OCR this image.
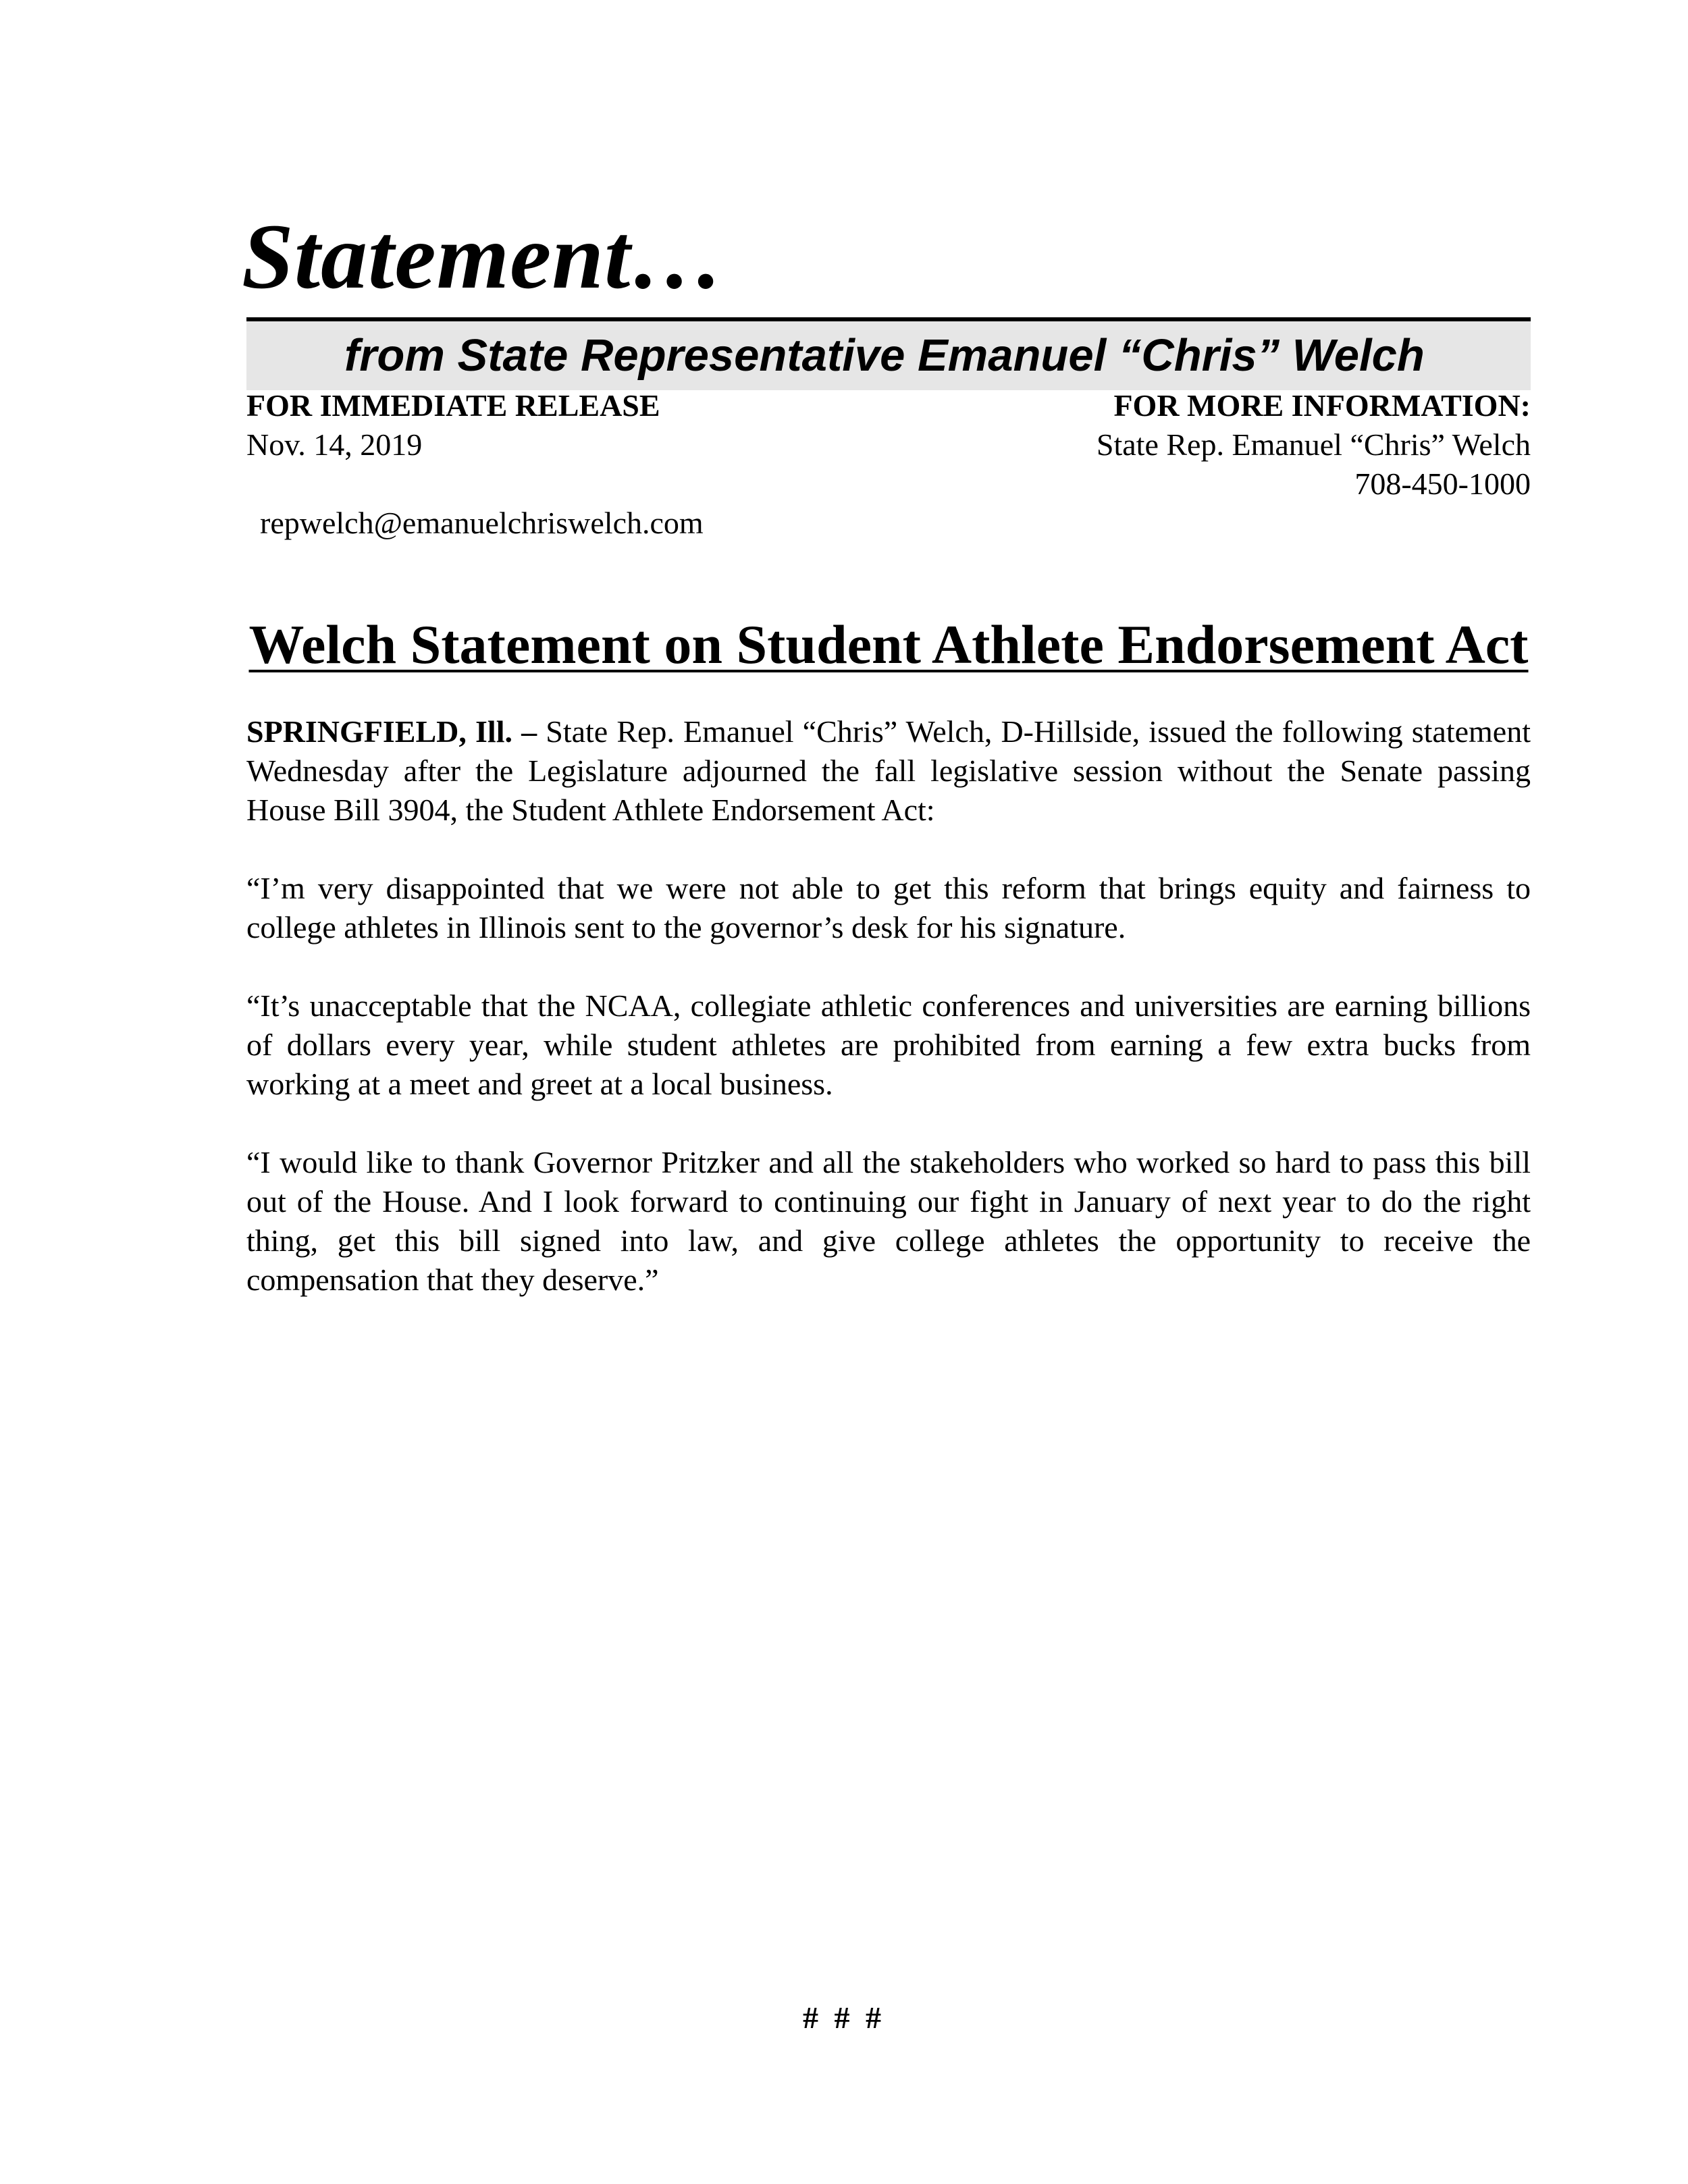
Statement…
from State Representative Emanuel “Chris” Welch
FOR IMMEDIATE RELEASE
Nov. 14, 2019
repwelch@emanuelchriswelch.com
FOR MORE INFORMATION:
State Rep. Emanuel “Chris” Welch
708-450-1000
Welch Statement on Student Athlete Endorsement Act
SPRINGFIELD, Ill. – State Rep. Emanuel “Chris” Welch, D-Hillside, issued the following statement Wednesday after the Legislature adjourned the fall legislative session without the Senate passing House Bill 3904, the Student Athlete Endorsement Act:
“I’m very disappointed that we were not able to get this reform that brings equity and fairness to college athletes in Illinois sent to the governor’s desk for his signature.
“It’s unacceptable that the NCAA, collegiate athletic conferences and universities are earning billions of dollars every year, while student athletes are prohibited from earning a few extra bucks from working at a meet and greet at a local business.
“I would like to thank Governor Pritzker and all the stakeholders who worked so hard to pass this bill out of the House. And I look forward to continuing our fight in January of next year to do the right thing, get this bill signed into law, and give college athletes the opportunity to receive the compensation that they deserve.”
# # #
